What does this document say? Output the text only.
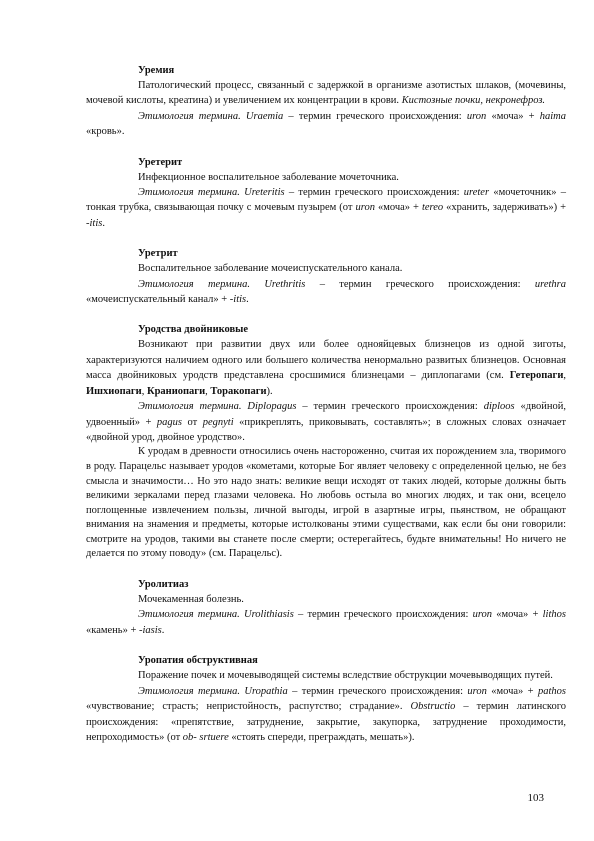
Уремия

Патологический процесс, связанный с задержкой в организме азотистых шлаков, (мочевины, мочевой кислоты, креатина) и увеличением их концентрации в крови. Кистозные почки, некронефроз.

Этимология термина. Uraemia – термин греческого происхождения: uron «моча» + haima «кровь».

Уретерит

Инфекционное воспалительное заболевание мочеточника.

Этимология термина. Ureteritis – термин греческого происхождения: ureter «мочеточник» – тонкая трубка, связывающая почку с мочевым пузырем (от uron «моча» + tereo «хранить, задерживать») + -itis.

Уретрит

Воспалительное заболевание мочеиспускательного канала.

Этимология термина. Urethritis – термин греческого происхождения: urethra «мочеиспускательный канал» + -itis.

Уродства двойниковые

Возникают при развитии двух или более однояйцевых близнецов из одной зиготы, характеризуются наличием одного или большего количества ненормально развитых близнецов. Основная масса двойниковых уродств представлена сросшимися близнецами – диплопагами (см. Гетеропаги, Ишхиопаги, Краниопаги, Торакопаги).

Этимология термина. Diplopagus – термин греческого происхождения: diploos «двойной, удвоенный» + pagus от pegnyti «прикреплять, приковывать, составлять»; в сложных словах означает «двойной урод, двойное уродство».

К уродам в древности относились очень настороженно, считая их порождением зла, творимого в роду. Парацельс называет уродов «кометами, которые Бог являет человеку с определенной целью, не без смысла и значимости… Но это надо знать: великие вещи исходят от таких людей, которые должны быть великими зеркалами перед глазами человека. Но любовь остыла во многих людях, и так они, всецело поглощенные извлечением пользы, личной выгоды, игрой в азартные игры, пьянством, не обращают внимания на знамения и предметы, которые истолкованы этими существами, как если бы они говорили: смотрите на уродов, такими вы станете после смерти; остерегайтесь, будьте внимательны! Но ничего не делается по этому поводу» (см. Парацельс).

Уролитиаз

Мочекаменная болезнь.

Этимология термина. Urolithiasis – термин греческого происхождения: uron «моча» + lithos «камень» + -iasis.

Уропатия обструктивная

Поражение почек и мочевыводящей системы вследствие обструкции мочевыводящих путей.

Этимология термина. Uropathia – термин греческого происхождения: uron «моча» + pathos «чувствование; страсть; непристойность, распутство; страдание». Obstructio – термин латинского происхождения: «препятствие, затруднение, закрытие, закупорка, затруднение проходимости, непроходимость» (от ob- srtuere «стоять спереди, преграждать, мешать»).

103
